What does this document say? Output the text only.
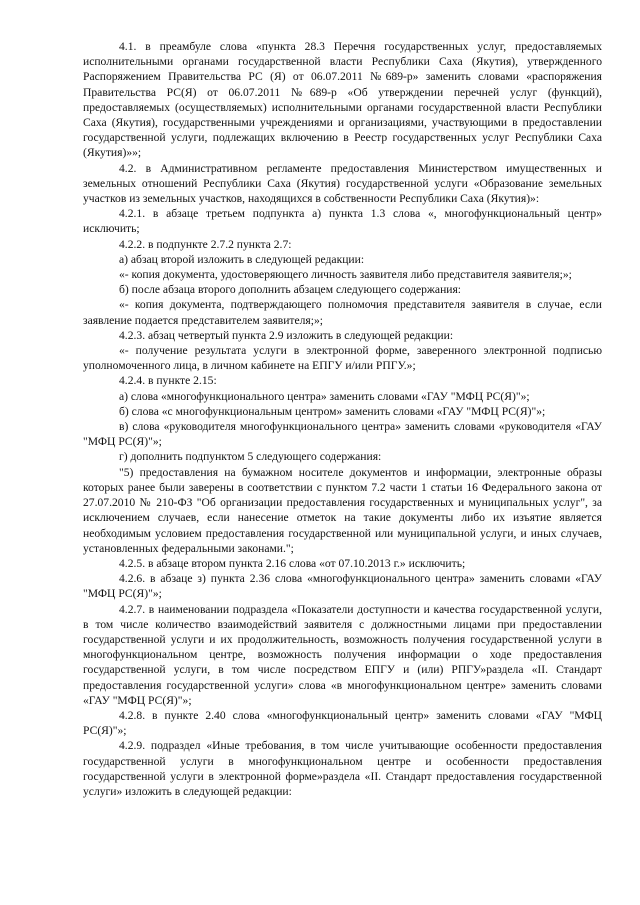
4.1. в преамбуле слова «пункта 28.3 Перечня государственных услуг, предоставляемых исполнительными органами государственной власти Республики Саха (Якутия), утвержденного Распоряжением Правительства РС (Я) от 06.07.2011 №689-р» заменить словами «распоряжения Правительства РС(Я) от 06.07.2011 №689-р «Об утверждении перечней услуг (функций), предоставляемых (осуществляемых) исполнительными органами государственной власти Республики Саха (Якутия), государственными учреждениями и организациями, участвующими в предоставлении государственной услуги, подлежащих включению в Реестр государственных услуг Республики Саха (Якутия)»»;

4.2. в Административном регламенте предоставления Министерством имущественных и земельных отношений Республики Саха (Якутия) государственной услуги «Образование земельных участков из земельных участков, находящихся в собственности Республики Саха (Якутия)»:

4.2.1. в абзаце третьем подпункта а) пункта 1.3 слова «, многофункциональный центр» исключить;

4.2.2. в подпункте 2.7.2 пункта 2.7:

а) абзац второй изложить в следующей редакции:

«- копия документа, удостоверяющего личность заявителя либо представителя заявителя;»;

б) после абзаца второго дополнить абзацем следующего содержания:

«- копия документа, подтверждающего полномочия представителя заявителя в случае, если заявление подается представителем заявителя;»;

4.2.3. абзац четвертый пункта 2.9 изложить в следующей редакции:

«- получение результата услуги в электронной форме, заверенного электронной подписью уполномоченного лица, в личном кабинете на ЕПГУ и/или РПГУ.»;

4.2.4. в пункте 2.15:

а) слова «многофункционального центра» заменить словами «ГАУ "МФЦ РС(Я)"»;

б) слова «с многофункциональным центром» заменить словами «ГАУ "МФЦ РС(Я)"»;

в) слова «руководителя многофункционального центра» заменить словами «руководителя «ГАУ "МФЦ РС(Я)"»;

г) дополнить подпунктом 5 следующего содержания:

"5) предоставления на бумажном носителе документов и информации, электронные образы которых ранее были заверены в соответствии с пунктом 7.2 части 1 статьи 16 Федерального закона от 27.07.2010 № 210-ФЗ "Об организации предоставления государственных и муниципальных услуг", за исключением случаев, если нанесение отметок на такие документы либо их изъятие является необходимым условием предоставления государственной или муниципальной услуги, и иных случаев, установленных федеральными законами.";

4.2.5. в абзаце втором пункта 2.16 слова «от 07.10.2013 г.» исключить;

4.2.6. в абзаце з) пункта 2.36 слова «многофункционального центра» заменить словами «ГАУ "МФЦ РС(Я)"»;

4.2.7. в наименовании подраздела «Показатели доступности и качества государственной услуги, в том числе количество взаимодействий заявителя с должностными лицами при предоставлении государственной услуги и их продолжительность, возможность получения государственной услуги в многофункциональном центре, возможность получения информации о ходе предоставления государственной услуги, в том числе посредством ЕПГУ и (или) РПГУ»раздела «II. Стандарт предоставления государственной услуги» слова «в многофункциональном центре» заменить словами «ГАУ "МФЦ РС(Я)"»;

4.2.8. в пункте 2.40 слова «многофункциональный центр» заменить словами «ГАУ "МФЦ РС(Я)"»;

4.2.9. подраздел «Иные требования, в том числе учитывающие особенности предоставления государственной услуги в многофункциональном центре и особенности предоставления государственной услуги в электронной форме»раздела «II. Стандарт предоставления государственной услуги» изложить в следующей редакции:
